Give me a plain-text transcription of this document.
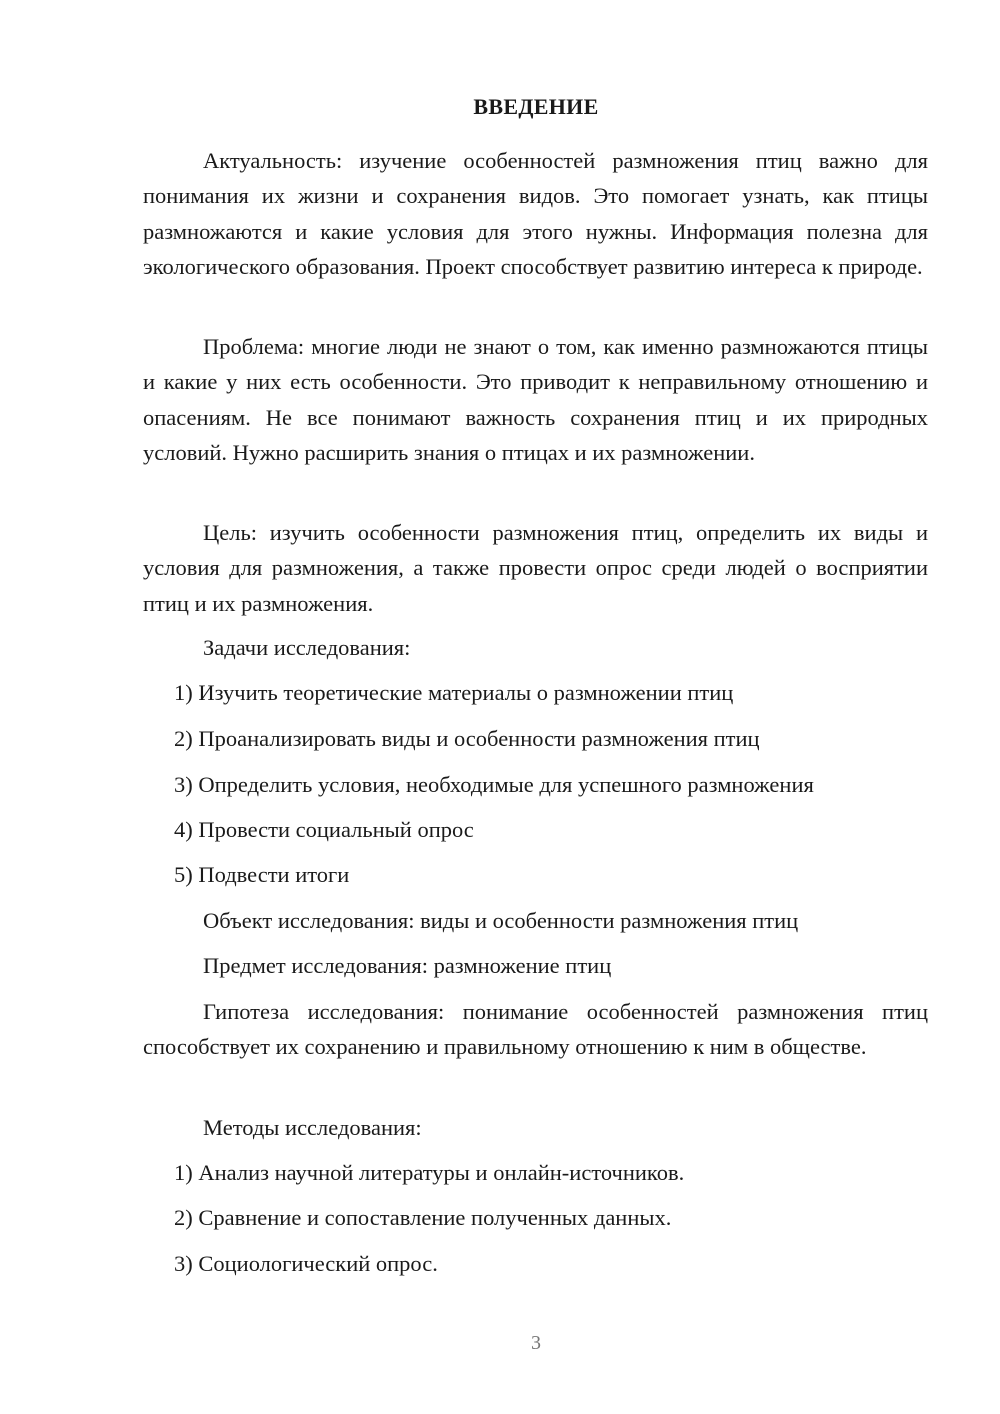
ВВЕДЕНИЕ
Актуальность: изучение особенностей размножения птиц важно для понимания их жизни и сохранения видов. Это помогает узнать, как птицы размножаются и какие условия для этого нужны. Информация полезна для экологического образования. Проект способствует развитию интереса к природе.
Проблема: многие люди не знают о том, как именно размножаются птицы и какие у них есть особенности. Это приводит к неправильному отношению и опасениям. Не все понимают важность сохранения птиц и их природных условий. Нужно расширить знания о птицах и их размножении.
Цель: изучить особенности размножения птиц, определить их виды и условия для размножения, а также провести опрос среди людей о восприятии птиц и их размножения.
Задачи исследования:
1) Изучить теоретические материалы о размножении птиц
2) Проанализировать виды и особенности размножения птиц
3) Определить условия, необходимые для успешного размножения
4) Провести социальный опрос
5) Подвести итоги
Объект исследования: виды и особенности размножения птиц
Предмет исследования: размножение птиц
Гипотеза исследования: понимание особенностей размножения птиц способствует их сохранению и правильному отношению к ним в обществе.
Методы исследования:
1) Анализ научной литературы и онлайн-источников.
2) Сравнение и сопоставление полученных данных.
3) Социологический опрос.
3
